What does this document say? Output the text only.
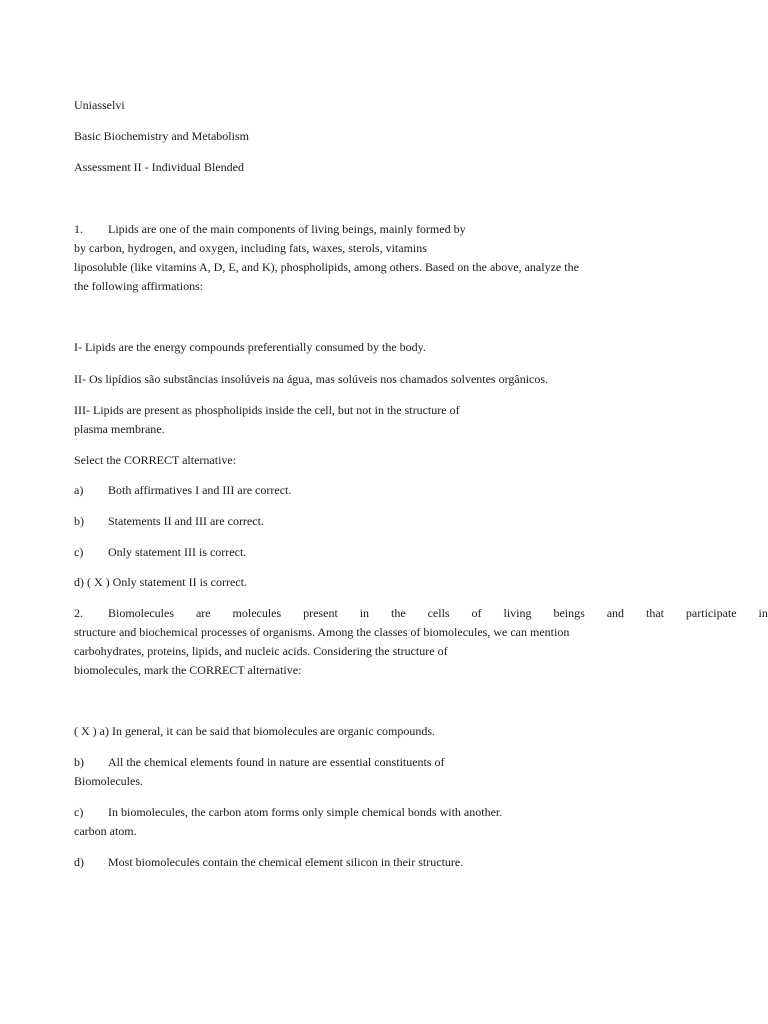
Uniasselvi
Basic Biochemistry and Metabolism
Assessment II - Individual Blended
1. Lipids are one of the main components of living beings, mainly formed by
by carbon, hydrogen, and oxygen, including fats, waxes, sterols, vitamins
liposoluble (like vitamins A, D, E, and K), phospholipids, among others. Based on the above, analyze the
the following affirmations:
I- Lipids are the energy compounds preferentially consumed by the body.
II- Os lipídios são substâncias insolúveis na água, mas solúveis nos chamados solventes orgânicos.
III- Lipids are present as phospholipids inside the cell, but not in the structure of
plasma membrane.
Select the CORRECT alternative:
a) Both affirmatives I and III are correct.
b) Statements II and III are correct.
c) Only statement III is correct.
d) ( X ) Only statement II is correct.
2. Biomolecules are molecules present in the cells of living beings and that participate in
structure and biochemical processes of organisms. Among the classes of biomolecules, we can mention
carbohydrates, proteins, lipids, and nucleic acids. Considering the structure of
biomolecules, mark the CORRECT alternative:
( X ) a) In general, it can be said that biomolecules are organic compounds.
b) All the chemical elements found in nature are essential constituents of
Biomolecules.
c) In biomolecules, the carbon atom forms only simple chemical bonds with another.
carbon atom.
d) Most biomolecules contain the chemical element silicon in their structure.
